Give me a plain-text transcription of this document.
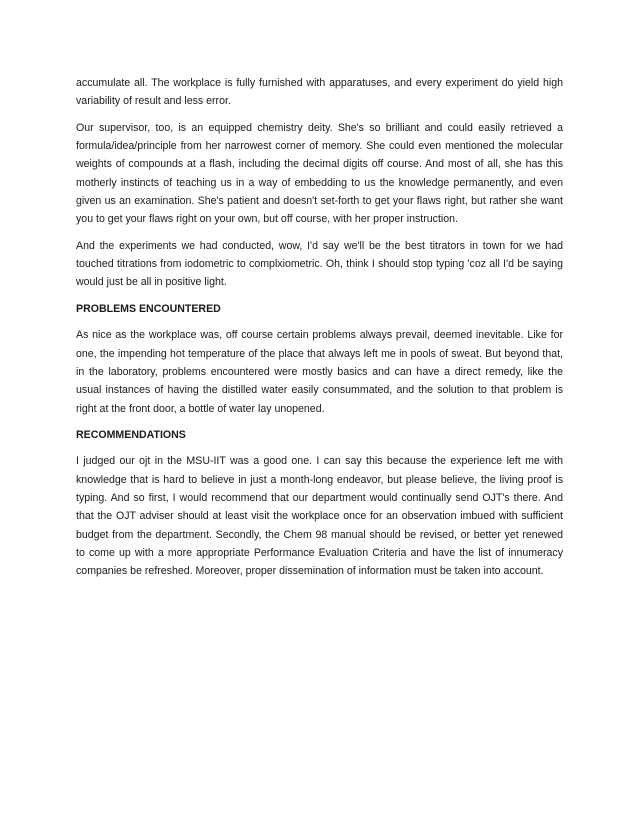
accumulate all. The workplace is fully furnished with apparatuses, and every experiment do yield high variability of result and less error.

Our supervisor, too, is an equipped chemistry deity. She's so brilliant and could easily retrieved a formula/idea/principle from her narrowest corner of memory. She could even mentioned the molecular weights of compounds at a flash, including the decimal digits off course. And most of all, she has this motherly instincts of teaching us in a way of embedding to us the knowledge permanently, and even given us an examination. She's patient and doesn't set-forth to get your flaws right, but rather she want you to get your flaws right on your own, but off course, with her proper instruction.

And the experiments we had conducted, wow, I'd say we'll be the best titrators in town for we had touched titrations from iodometric to complxiometric. Oh, think I should stop typing 'coz all I'd be saying would just be all in positive light.

PROBLEMS ENCOUNTERED

As nice as the workplace was, off course certain problems always prevail, deemed inevitable. Like for one, the impending hot temperature of the place that always left me in pools of sweat. But beyond that, in the laboratory, problems encountered were mostly basics and can have a direct remedy, like the usual instances of having the distilled water easily consummated, and the solution to that problem is right at the front door, a bottle of water lay unopened.

RECOMMENDATIONS

I judged our ojt in the MSU-IIT was a good one. I can say this because the experience left me with knowledge that is hard to believe in just a month-long endeavor, but please believe, the living proof is typing. And so first, I would recommend that our department would continually send OJT's there. And that the OJT adviser should at least visit the workplace once for an observation imbued with sufficient budget from the department. Secondly, the Chem 98 manual should be revised, or better yet renewed to come up with a more appropriate Performance Evaluation Criteria and have the list of innumeracy companies be refreshed. Moreover, proper dissemination of information must be taken into account.
